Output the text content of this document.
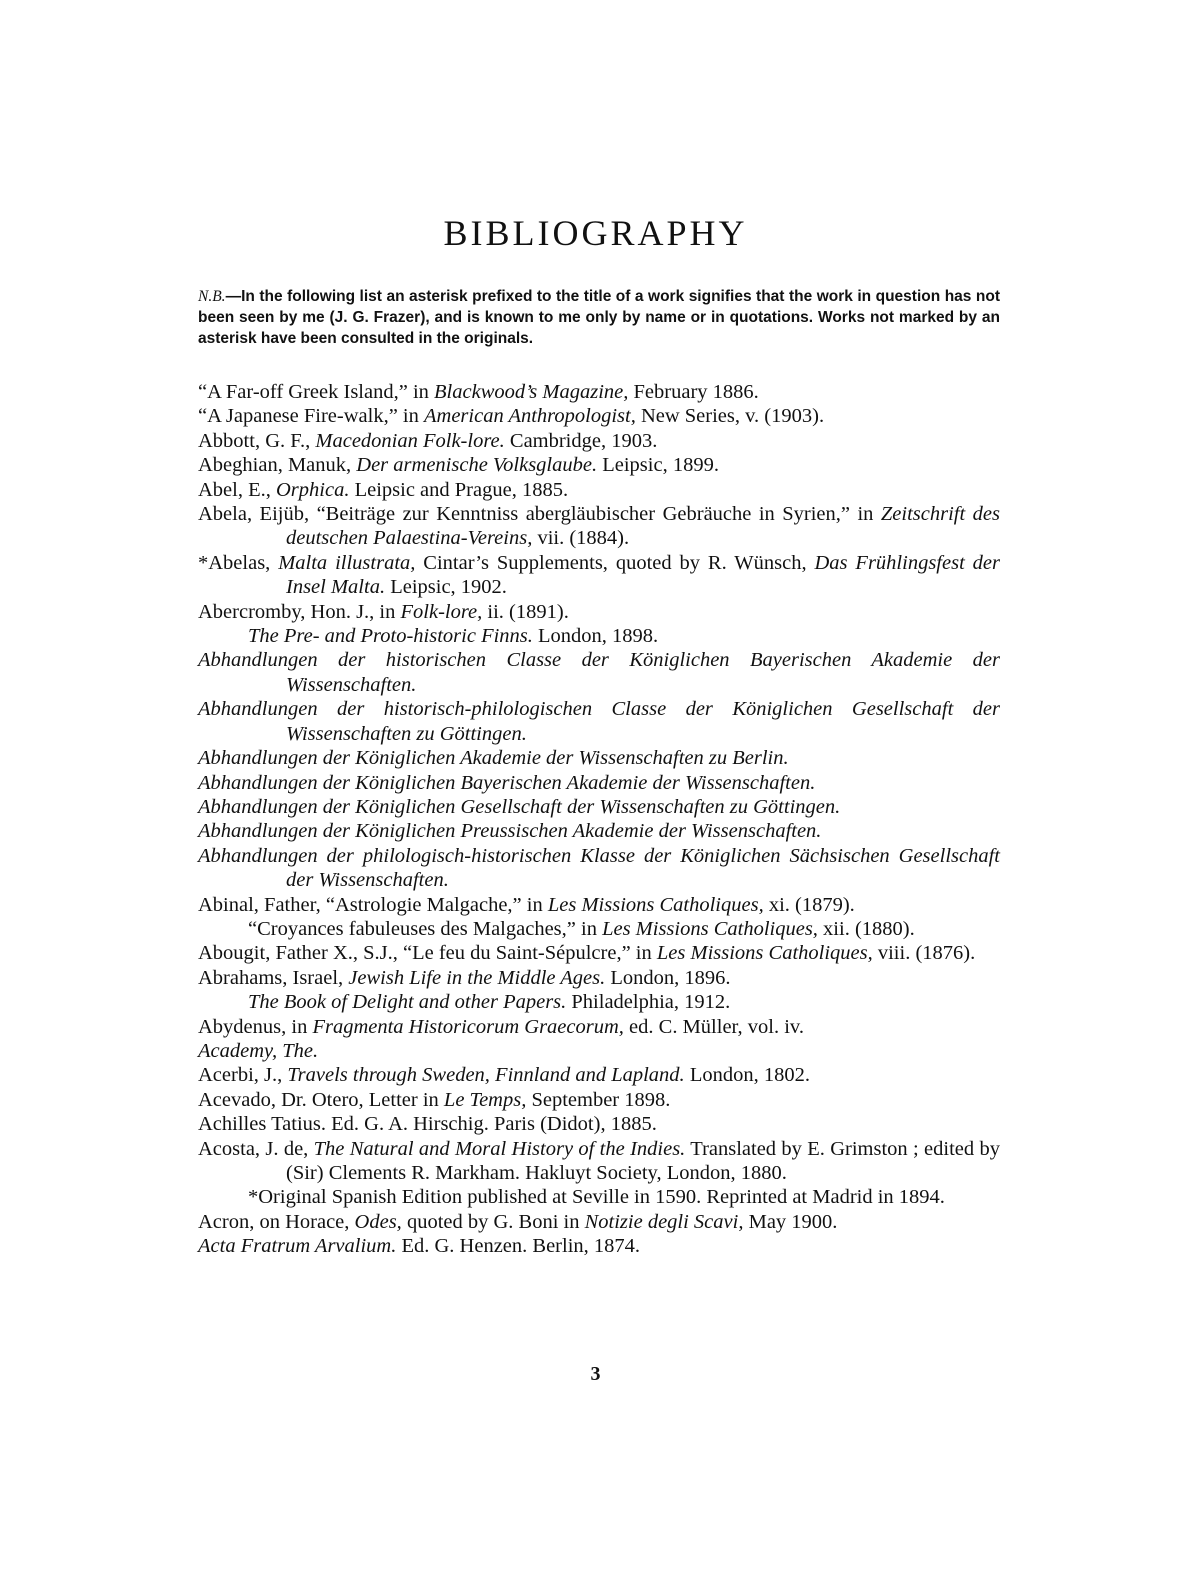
BIBLIOGRAPHY

N.B.—In the following list an asterisk prefixed to the title of a work signifies that the work in question has not been seen by me (J. G. Frazer), and is known to me only by name or in quotations. Works not marked by an asterisk have been consulted in the originals.

“A Far-off Greek Island,” in Blackwood’s Magazine, February 1886.

“A Japanese Fire-walk,” in American Anthropologist, New Series, v. (1903).

Abbott, G. F., Macedonian Folk-lore. Cambridge, 1903.

Abeghian, Manuk, Der armenische Volksglaube. Leipsic, 1899.

Abel, E., Orphica. Leipsic and Prague, 1885.

Abela, Eijüb, “Beiträge zur Kenntniss abergläubischer Gebräuche in Syrien,” in Zeitschrift des deutschen Palaestina-Vereins, vii. (1884).

*Abelas, Malta illustrata, Cintar’s Supplements, quoted by R. Wünsch, Das Frühlingsfest der Insel Malta. Leipsic, 1902.

Abercromby, Hon. J., in Folk-lore, ii. (1891).

The Pre- and Proto-historic Finns. London, 1898.

Abhandlungen der historischen Classe der Königlichen Bayerischen Akademie der Wissenschaften.

Abhandlungen der historisch-philologischen Classe der Königlichen Gesellschaft der Wissenschaften zu Göttingen.

Abhandlungen der Königlichen Akademie der Wissenschaften zu Berlin.

Abhandlungen der Königlichen Bayerischen Akademie der Wissenschaften.

Abhandlungen der Königlichen Gesellschaft der Wissenschaften zu Göttingen.

Abhandlungen der Königlichen Preussischen Akademie der Wissenschaften.

Abhandlungen der philologisch-historischen Klasse der Königlichen Sächsischen Gesellschaft der Wissenschaften.

Abinal, Father, “Astrologie Malgache,” in Les Missions Catholiques, xi. (1879).

“Croyances fabuleuses des Malgaches,” in Les Missions Catholiques, xii. (1880).

Abougit, Father X., S.J., “Le feu du Saint-Sépulcre,” in Les Missions Catholiques, viii. (1876).

Abrahams, Israel, Jewish Life in the Middle Ages. London, 1896.

The Book of Delight and other Papers. Philadelphia, 1912.

Abydenus, in Fragmenta Historicorum Graecorum, ed. C. Müller, vol. iv.

Academy, The.

Acerbi, J., Travels through Sweden, Finnland and Lapland. London, 1802.

Acevado, Dr. Otero, Letter in Le Temps, September 1898.

Achilles Tatius. Ed. G. A. Hirschig. Paris (Didot), 1885.

Acosta, J. de, The Natural and Moral History of the Indies. Translated by E. Grimston ; edited by (Sir) Clements R. Markham. Hakluyt Society, London, 1880.

*Original Spanish Edition published at Seville in 1590. Reprinted at Madrid in 1894.

Acron, on Horace, Odes, quoted by G. Boni in Notizie degli Scavi, May 1900.

Acta Fratrum Arvalium. Ed. G. Henzen. Berlin, 1874.

3
